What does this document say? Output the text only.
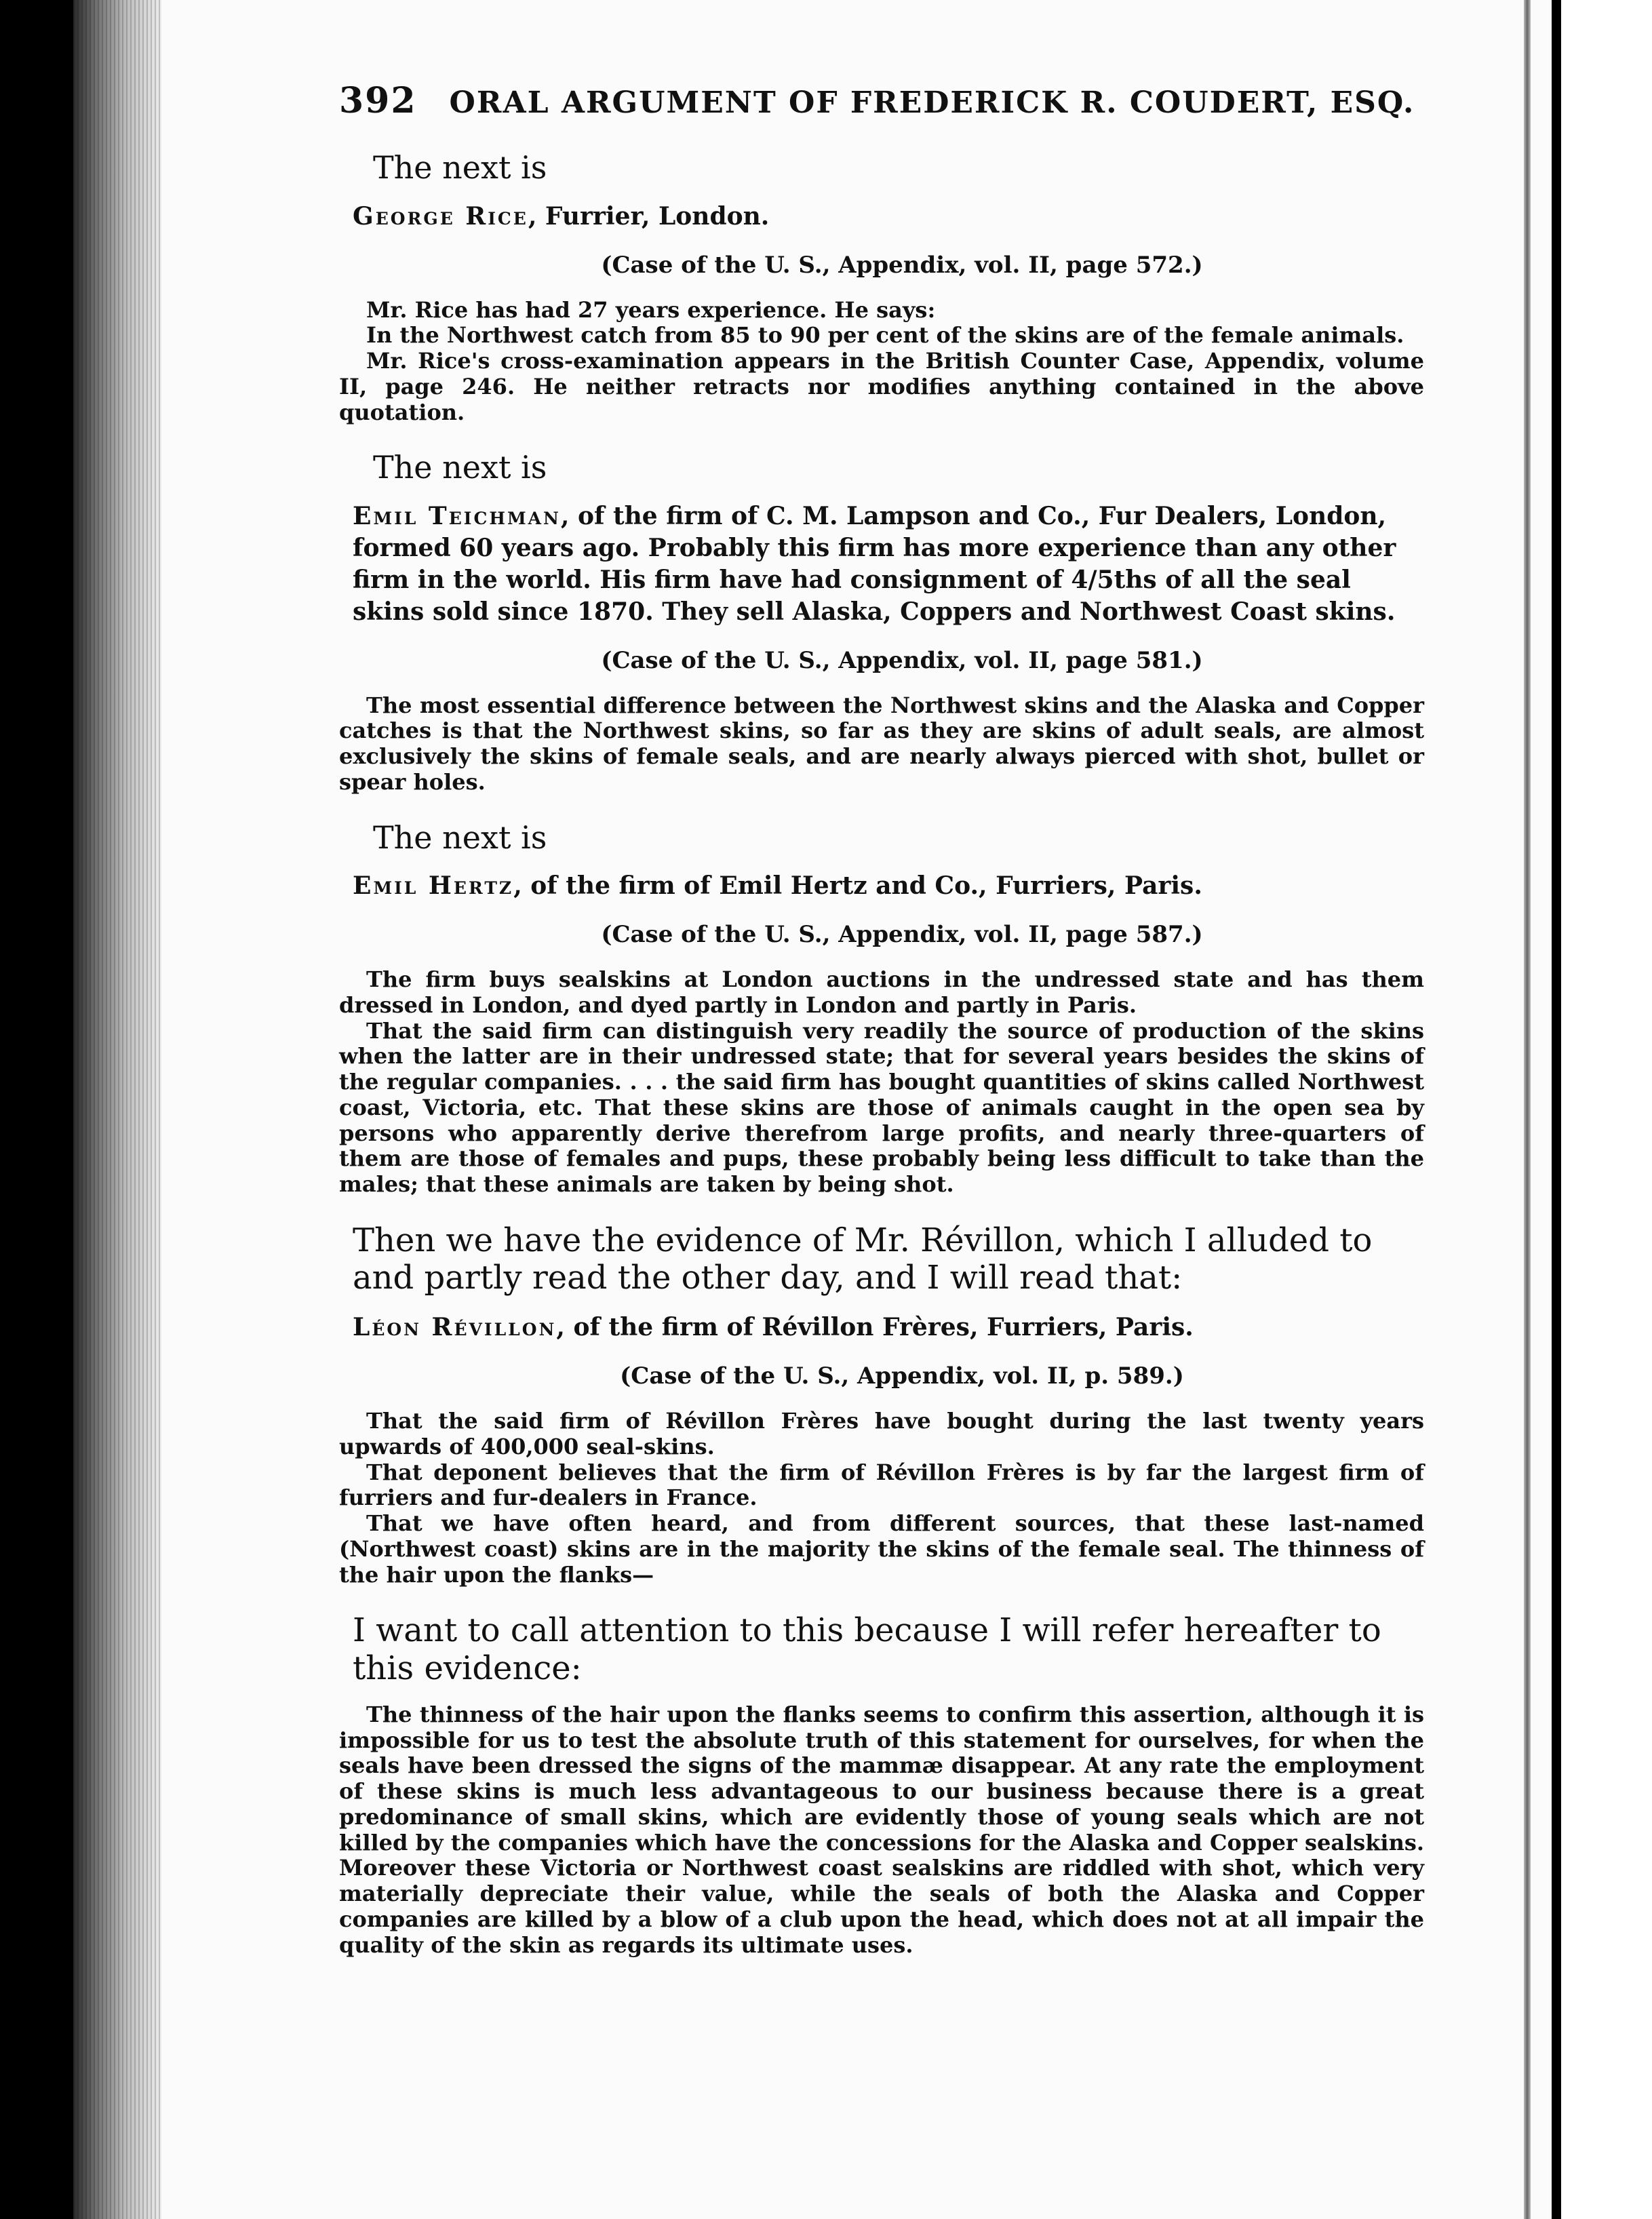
392 ORAL ARGUMENT OF FREDERICK R. COUDERT, ESQ.
The next is
George Rice, Furrier, London.
(Case of the U. S., Appendix, vol. II, page 572.)

Mr. Rice has had 27 years experience. He says:

In the Northwest catch from 85 to 90 per cent of the skins are of the female animals.

Mr. Rice's cross-examination appears in the British Counter Case, Appendix, volume II, page 246. He neither retracts nor modifies anything contained in the above quotation.

The next is
Emil Teichman, of the firm of C. M. Lampson and Co., Fur Dealers, London, formed 60 years ago. Probably this firm has more experience than any other firm in the world. His firm have had consignment of 4/5ths of all the seal skins sold since 1870. They sell Alaska, Coppers and Northwest Coast skins.
(Case of the U. S., Appendix, vol. II, page 581.)

The most essential difference between the Northwest skins and the Alaska and Copper catches is that the Northwest skins, so far as they are skins of adult seals, are almost exclusively the skins of female seals, and are nearly always pierced with shot, bullet or spear holes.

The next is
Emil Hertz, of the firm of Emil Hertz and Co., Furriers, Paris.
(Case of the U. S., Appendix, vol. II, page 587.)

The firm buys sealskins at London auctions in the undressed state and has them dressed in London, and dyed partly in London and partly in Paris.

That the said firm can distinguish very readily the source of production of the skins when the latter are in their undressed state; that for several years besides the skins of the regular companies. . . . the said firm has bought quantities of skins called Northwest coast, Victoria, etc. That these skins are those of animals caught in the open sea by persons who apparently derive therefrom large profits, and nearly three-quarters of them are those of females and pups, these probably being less difficult to take than the males; that these animals are taken by being shot.

Then we have the evidence of Mr. Révillon, which I alluded to and partly read the other day, and I will read that:
Léon Révillon, of the firm of Révillon Frères, Furriers, Paris.
(Case of the U. S., Appendix, vol. II, p. 589.)

That the said firm of Révillon Frères have bought during the last twenty years upwards of 400,000 seal-skins.

That deponent believes that the firm of Révillon Frères is by far the largest firm of furriers and fur-dealers in France.

That we have often heard, and from different sources, that these last-named (Northwest coast) skins are in the majority the skins of the female seal. The thinness of the hair upon the flanks—

I want to call attention to this because I will refer hereafter to this evidence:

The thinness of the hair upon the flanks seems to confirm this assertion, although it is impossible for us to test the absolute truth of this statement for ourselves, for when the seals have been dressed the signs of the mammæ disappear. At any rate the employment of these skins is much less advantageous to our business because there is a great predominance of small skins, which are evidently those of young seals which are not killed by the companies which have the concessions for the Alaska and Copper sealskins. Moreover these Victoria or Northwest coast sealskins are riddled with shot, which very materially depreciate their value, while the seals of both the Alaska and Copper companies are killed by a blow of a club upon the head, which does not at all impair the quality of the skin as regards its ultimate uses.
